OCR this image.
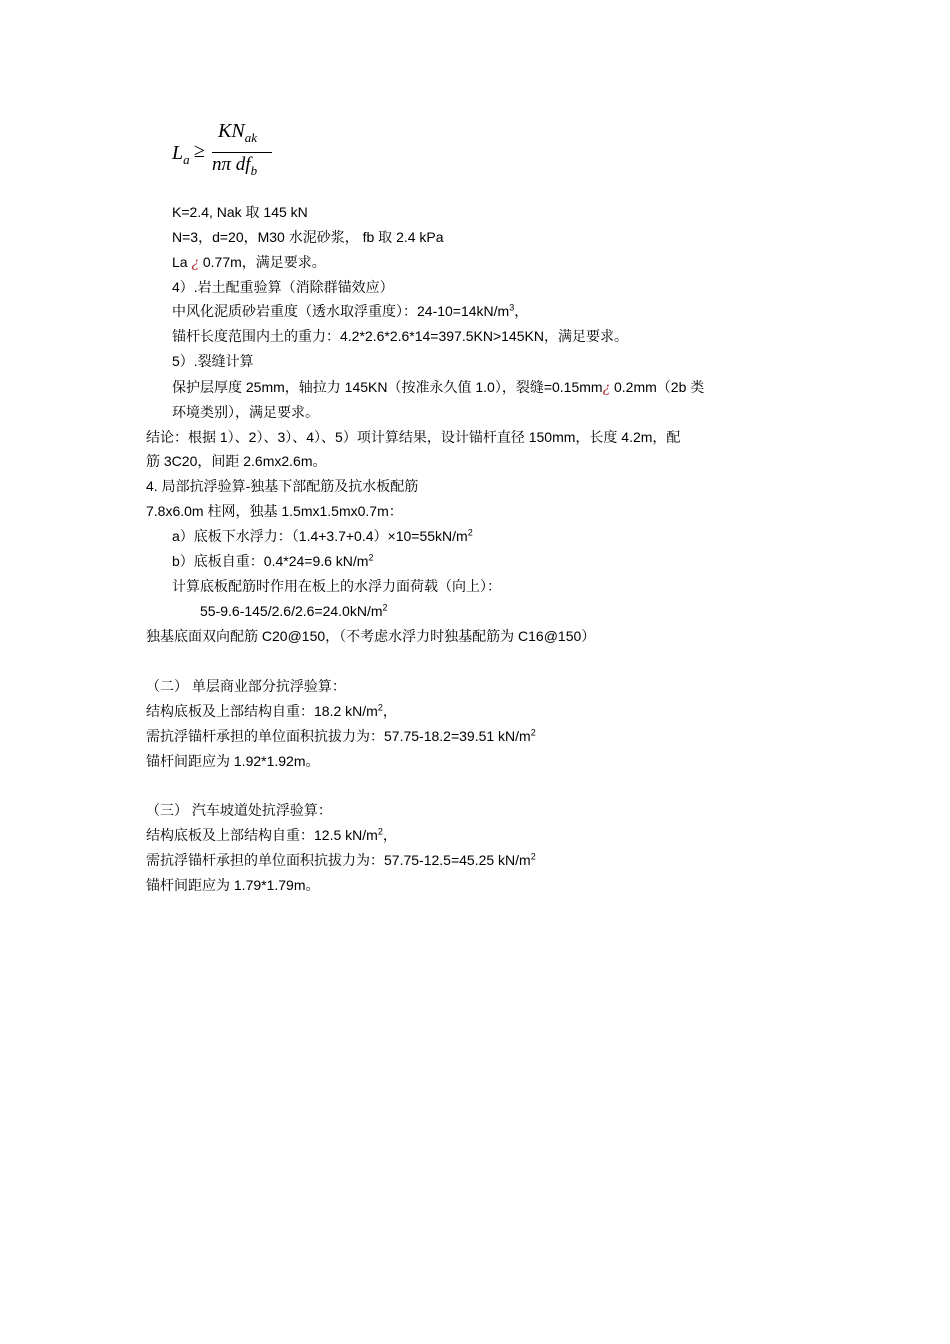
$L_a$ ≥
$KN_{ak}$
nπ $df_b$
K=2.4, Nak 取 145 kN
N=3，d=20，M30 水泥砂浆， fb 取 2.4 kPa
La ¿ 0.77m，满足要求。
4）.岩土配重验算（消除群锚效应）
中风化泥质砂岩重度（透水取浮重度）：$24-10=14kN/m^3$，
锚杆长度范围内土的重力：4.2*2.6*2.6*14=397.5KN>145KN，满足要求。
5）.裂缝计算
保护层厚度 25mm，轴拉力 145KN（按准永久值 1.0），裂缝=0.15mm¿ 0.2mm（2b 类
环境类别），满足要求。
结论：根据 1）、2）、3）、4）、5）项计算结果，设计锚杆直径 150mm，长度 4.2m，配
筋 3C20，间距 2.6mx2.6m。
4. 局部抗浮验算-独基下部配筋及抗水板配筋
7.8x6.0m 柱网，独基 1.5mx1.5mx0.7m：
a）底板下水浮力：$(1.4+3.7+0.4)\times 10=55kN/m^2$
b）底板自重：0.4*24=9.6 $kN/m^2$
计算底板配筋时作用在板上的水浮力面荷载（向上）：
$55-9.6-145/2.6/2.6=24.0kN/m^2$
独基底面双向配筋 C20@150，（不考虑水浮力时独基配筋为 C16@150）
（二） 单层商业部分抗浮验算：
结构底板及上部结构自重：18.2 $kN/m^2$，
需抗浮锚杆承担的单位面积抗拔力为：57.75-18.2=39.51 $kN/m^2$
锚杆间距应为 1.92*1.92m。
（三） 汽车坡道处抗浮验算：
结构底板及上部结构自重：12.5 $kN/m^2$，
需抗浮锚杆承担的单位面积抗拔力为：57.75-12.5=45.25 $kN/m^2$
锚杆间距应为 1.79*1.79m。
